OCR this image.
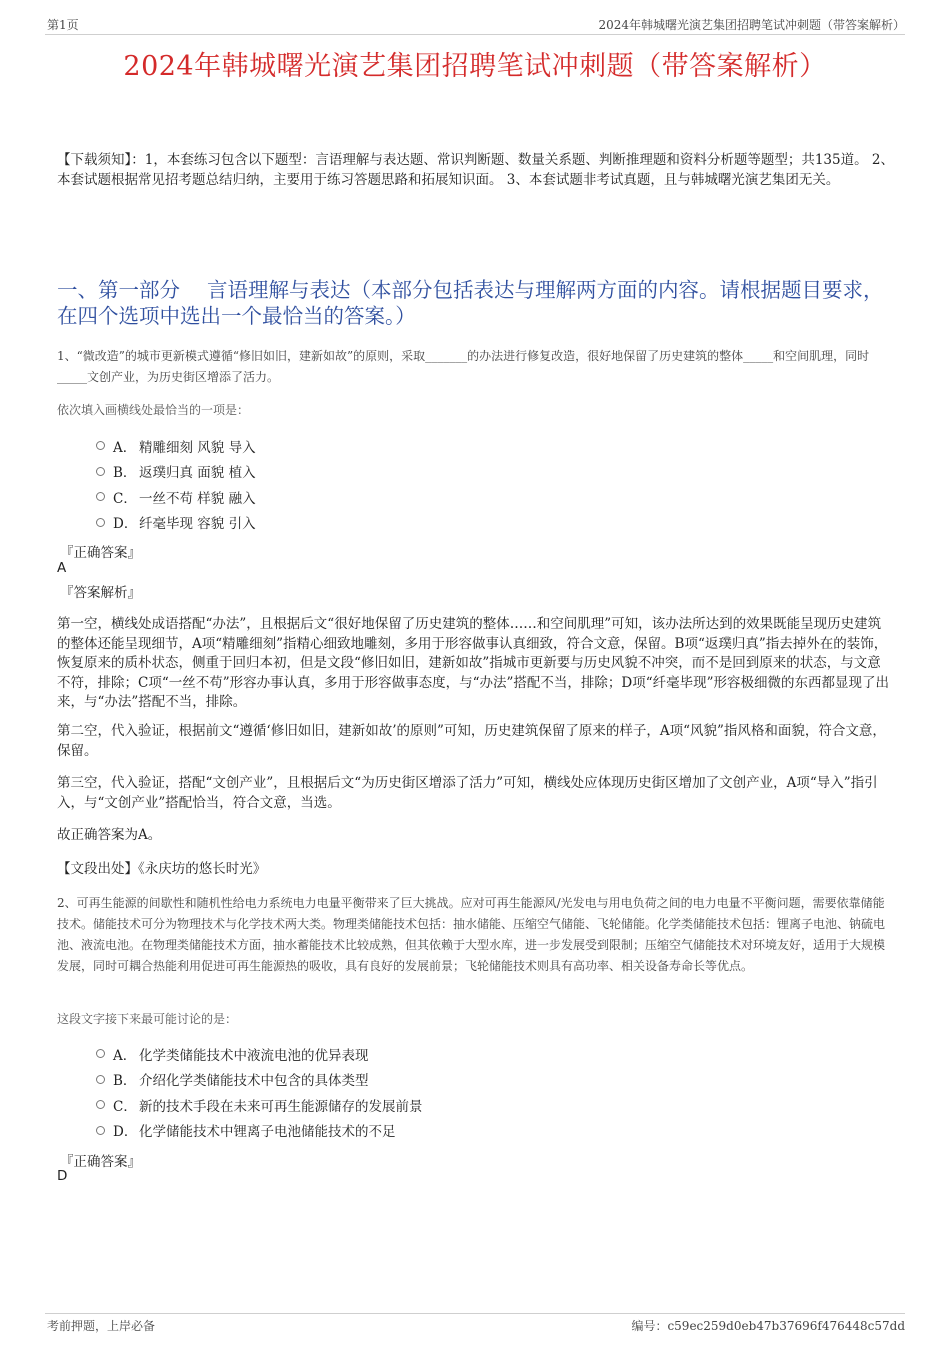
第1页	2024年韩城曙光演艺集团招聘笔试冲刺题（带答案解析）
2024年韩城曙光演艺集团招聘笔试冲刺题（带答案解析）
【下载须知】：1，本套练习包含以下题型：言语理解与表达题、常识判断题、数量关系题、判断推理题和资料分析题等题型；共135道。 2、本套试题根据常见招考题总结归纳，主要用于练习答题思路和拓展知识面。 3、本套试题非考试真题，且与韩城曙光演艺集团无关。
一、第一部分　 言语理解与表达（本部分包括表达与理解两方面的内容。请根据题目要求，在四个选项中选出一个最恰当的答案。）
1、“微改造”的城市更新模式遵循“修旧如旧，建新如故”的原则，采取_______的办法进行修复改造，很好地保留了历史建筑的整体_____和空间肌理，同时_____文创产业，为历史街区增添了活力。
依次填入画横线处最恰当的一项是：
A． 精雕细刻 风貌 导入
B． 返璞归真 面貌 植入
C． 一丝不苟 样貌 融入
D． 纤毫毕现 容貌 引入
『正确答案』
A
『答案解析』
第一空，横线处成语搭配“办法”，且根据后文“很好地保留了历史建筑的整体……和空间肌理”可知，该办法所达到的效果既能呈现历史建筑的整体还能呈现细节，A项“精雕细刻”指精心细致地雕刻，多用于形容做事认真细致，符合文意，保留。B项“返璞归真”指去掉外在的装饰，恢复原来的质朴状态，侧重于回归本初，但是文段“修旧如旧，建新如故”指城市更新要与历史风貌不冲突，而不是回到原来的状态，与文意不符，排除；C项“一丝不苟”形容办事认真，多用于形容做事态度，与“办法”搭配不当，排除；D项“纤毫毕现”形容极细微的东西都显现了出来，与“办法”搭配不当，排除。
第二空，代入验证，根据前文“遵循‘修旧如旧，建新如故’的原则”可知，历史建筑保留了原来的样子，A项“风貌”指风格和面貌，符合文意，保留。
第三空，代入验证，搭配“文创产业”，且根据后文“为历史街区增添了活力”可知，横线处应体现历史街区增加了文创产业，A项“导入”指引入，与“文创产业”搭配恰当，符合文意，当选。
故正确答案为A。
【文段出处】《永庆坊的悠长时光》
2、可再生能源的间歇性和随机性给电力系统电力电量平衡带来了巨大挑战。应对可再生能源风/光发电与用电负荷之间的电力电量不平衡问题，需要依靠储能技术。储能技术可分为物理技术与化学技术两大类。物理类储能技术包括：抽水储能、压缩空气储能、飞轮储能。化学类储能技术包括：锂离子电池、钠硫电池、液流电池。在物理类储能技术方面，抽水蓄能技术比较成熟，但其依赖于大型水库，进一步发展受到限制；压缩空气储能技术对环境友好，适用于大规模发展，同时可耦合热能利用促进可再生能源热的吸收，具有良好的发展前景；飞轮储能技术则具有高功率、相关设备寿命长等优点。
这段文字接下来最可能讨论的是：
A． 化学类储能技术中液流电池的优异表现
B． 介绍化学类储能技术中包含的具体类型
C． 新的技术手段在未来可再生能源储存的发展前景
D． 化学储能技术中锂离子电池储能技术的不足
『正确答案』
D
考前押题，上岸必备	编号：c59ec259d0eb47b37696f476448c57dd
